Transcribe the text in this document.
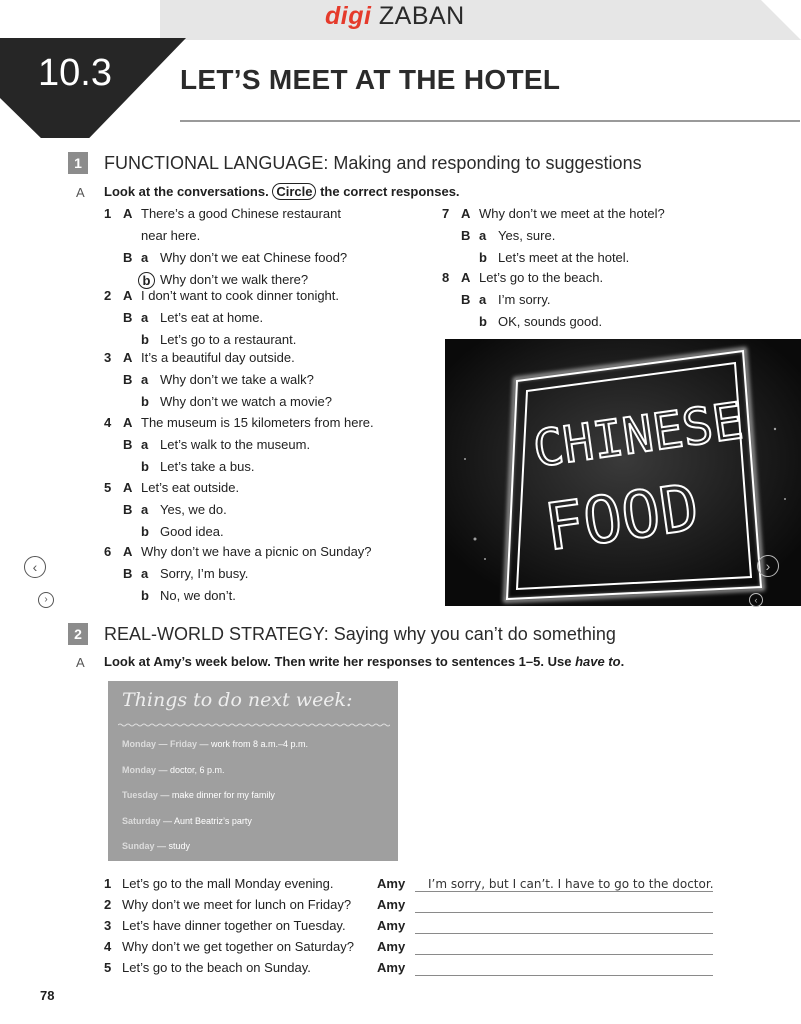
digi ZABAN
10.3 LET’S MEET AT THE HOTEL
1	FUNCTIONAL LANGUAGE: Making and responding to suggestions
A Look at the conversations. Circle the correct responses.
1 A There’s a good Chinese restaurant
near here.
B a Why don’t we eat Chinese food?
b Why don’t we walk there?
2 A I don’t want to cook dinner tonight.
B a Let’s eat at home.
b Let’s go to a restaurant.
3 A It’s a beautiful day outside.
B a Why don’t we take a walk?
b Why don’t we watch a movie?
4 A The museum is 15 kilometers from here.
B a Let’s walk to the museum.
b Let’s take a bus.
5 A Let’s eat outside.
B a Yes, we do.
b Good idea.
6 A Why don’t we have a picnic on Sunday?
B a Sorry, I’m busy.
b No, we don’t.
7 A Why don’t we meet at the hotel?
B a Yes, sure.
b Let’s meet at the hotel.
8 A Let’s go to the beach.
B a I’m sorry.
b OK, sounds good.
CHINESE
FOOD
‹
›
›
‹
2	REAL-WORLD STRATEGY: Saying why you can’t do something
A Look at Amy’s week below. Then write her responses to sentences 1–5. Use have to.
Things to do next week:
Monday — Friday — work from 8 a.m.–4 p.m.
Monday — doctor, 6 p.m.
Tuesday — make dinner for my family
Saturday — Aunt Beatriz’s party
Sunday — study
1 Let’s go to the mall Monday evening.	Amy I’m sorry, but I can’t. I have to go to the doctor.
2 Why don’t we meet for lunch on Friday? Amy
3 Let’s have dinner together on Tuesday. Amy
4 Why don’t we get together on Saturday? Amy
5 Let’s go to the beach on Sunday.	Amy
78
